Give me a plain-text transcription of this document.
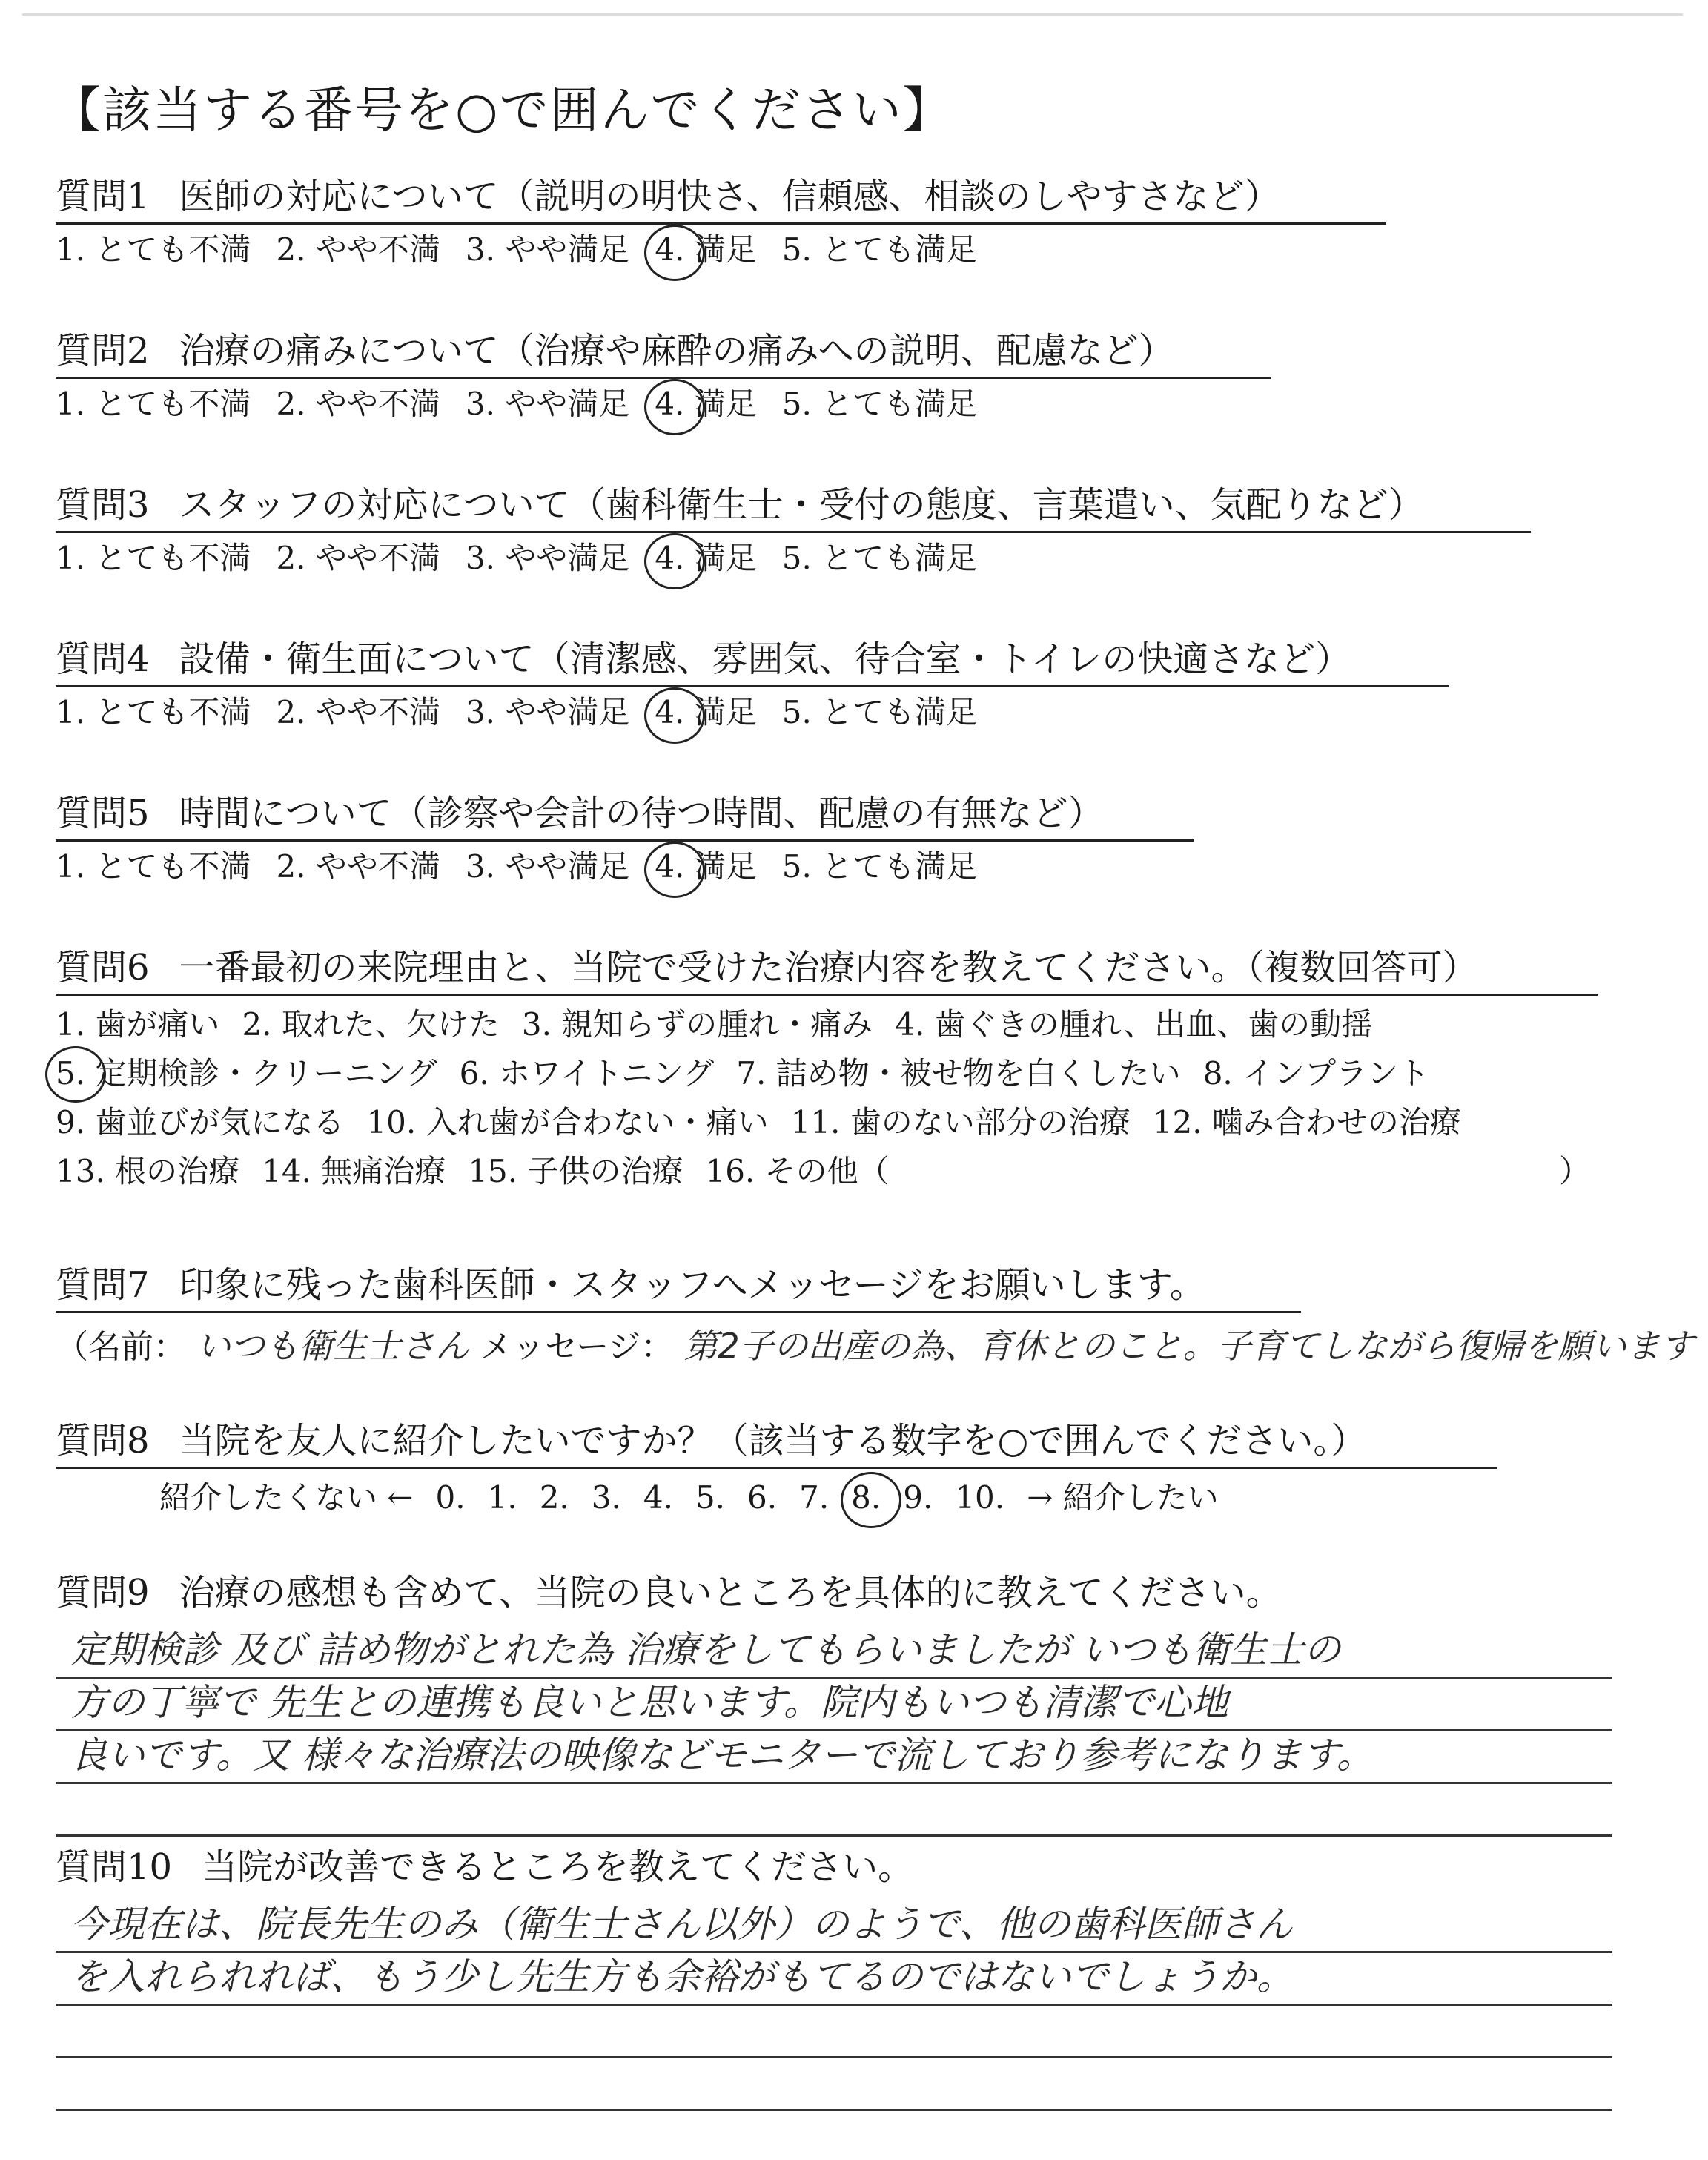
【該当する番号を○で囲んでください】
質問1 医師の対応について（説明の明快さ、信頼感、相談のしやすさなど）
1. とても不満 2. やや不満 3. やや満足 4. 満足 5. とても満足
質問2 治療の痛みについて（治療や麻酔の痛みへの説明、配慮など）
1. とても不満 2. やや不満 3. やや満足 4. 満足 5. とても満足
質問3 スタッフの対応について（歯科衛生士・受付の態度、言葉遣い、気配りなど）
1. とても不満 2. やや不満 3. やや満足 4. 満足 5. とても満足
質問4 設備・衛生面について（清潔感、雰囲気、待合室・トイレの快適さなど）
1. とても不満 2. やや不満 3. やや満足 4. 満足 5. とても満足
質問5 時間について（診察や会計の待つ時間、配慮の有無など）
1. とても不満 2. やや不満 3. やや満足 4. 満足 5. とても満足
質問6 一番最初の来院理由と、当院で受けた治療内容を教えてください。（複数回答可）
1. 歯が痛い 2. 取れた、欠けた 3. 親知らずの腫れ・痛み 4. 歯ぐきの腫れ、出血、歯の動揺
5. 定期検診・クリーニング 6. ホワイトニング 7. 詰め物・被せ物を白くしたい 8. インプラント
9. 歯並びが気になる 10. 入れ歯が合わない・痛い 11. 歯のない部分の治療 12. 噛み合わせの治療
13. 根の治療 14. 無痛治療 15. 子供の治療 16. その他（	）
質問7 印象に残った歯科医師・スタッフへメッセージをお願いします。
（名前： いつも衛生士さん メッセージ： 第2子の出産の為、育休とのこと。子育てしながら復帰を願います
質問8 当院を友人に紹介したいですか？（該当する数字を○で囲んでください。）
紹介したくない ← 0. 1. 2. 3. 4. 5. 6. 7. 8. 9. 10. → 紹介したい
質問9 治療の感想も含めて、当院の良いところを具体的に教えてください。
定期検診 及び 詰め物がとれた為 治療をしてもらいましたが いつも衛生士の
方の丁寧で 先生との連携も良いと思います。院内もいつも清潔で心地
良いです。又 様々な治療法の映像などモニターで流しており参考になります。
質問10 当院が改善できるところを教えてください。
今現在は、院長先生のみ（衛生士さん以外）のようで、他の歯科医師さん
を入れられれば、もう少し先生方も余裕がもてるのではないでしょうか。
